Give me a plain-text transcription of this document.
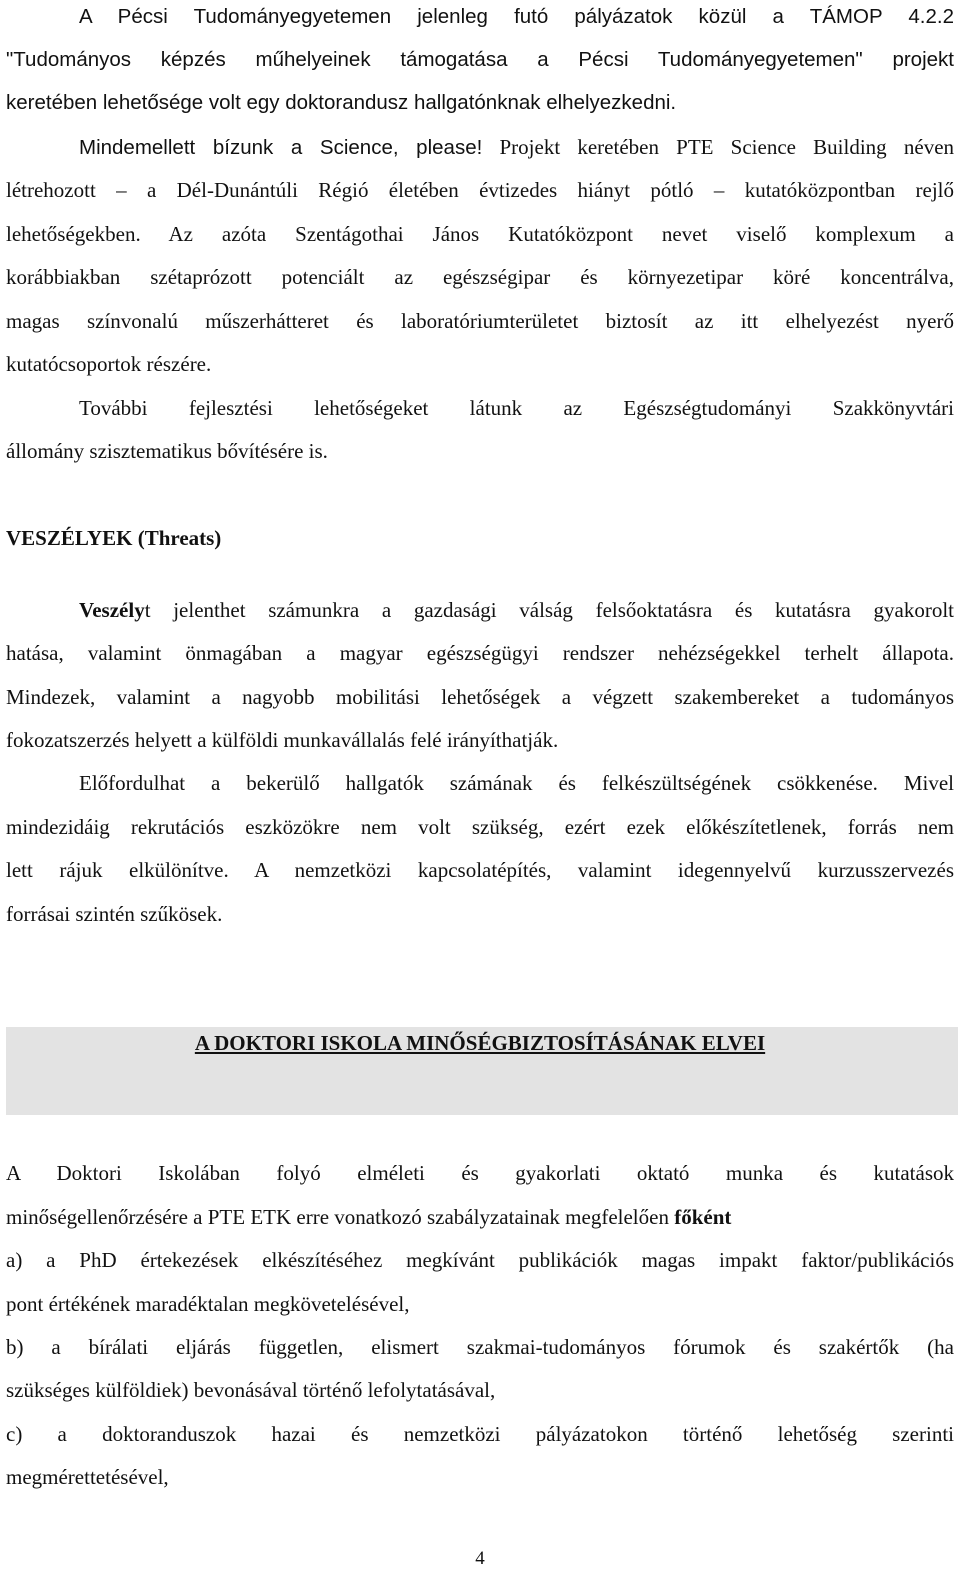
A Pécsi Tudományegyetemen jelenleg futó pályázatok közül a TÁMOP 4.2.2
"Tudományos képzés műhelyeinek támogatása a Pécsi Tudományegyetemen" projekt
keretében lehetősége volt egy doktorandusz hallgatónknak elhelyezkedni.
Mindemellett bízunk a Science, please! Projekt keretében PTE Science Building néven
létrehozott – a Dél-Dunántúli Régió életében évtizedes hiányt pótló – kutatóközpontban rejlő
lehetőségekben. Az azóta Szentágothai János Kutatóközpont nevet viselő komplexum a
korábbiakban szétaprózott potenciált az egészségipar és környezetipar köré koncentrálva,
magas színvonalú műszerhátteret és laboratóriumterületet biztosít az itt elhelyezést nyerő
kutatócsoportok részére.
További fejlesztési lehetőségeket látunk az Egészségtudományi Szakkönyvtári
állomány szisztematikus bővítésére is.
VESZÉLYEK (Threats)
Veszélyt jelenthet számunkra a gazdasági válság felsőoktatásra és kutatásra gyakorolt
hatása, valamint önmagában a magyar egészségügyi rendszer nehézségekkel terhelt állapota.
Mindezek, valamint a nagyobb mobilitási lehetőségek a végzett szakembereket a tudományos
fokozatszerzés helyett a külföldi munkavállalás felé irányíthatják.
Előfordulhat a bekerülő hallgatók számának és felkészültségének csökkenése. Mivel
mindezidáig rekrutációs eszközökre nem volt szükség, ezért ezek előkészítetlenek, forrás nem
lett rájuk elkülönítve. A nemzetközi kapcsolatépítés, valamint idegennyelvű kurzusszervezés
forrásai szintén szűkösek.
A DOKTORI ISKOLA MINŐSÉGBIZTOSÍTÁSÁNAK ELVEI
A Doktori Iskolában folyó elméleti és gyakorlati oktató munka és kutatások
minőségellenőrzésére a PTE ETK erre vonatkozó szabályzatainak megfelelően főként
a) a PhD értekezések elkészítéséhez megkívánt publikációk magas impakt faktor/publikációs
pont értékének maradéktalan megkövetelésével,
b) a bírálati eljárás független, elismert szakmai-tudományos fórumok és szakértők (ha
szükséges külföldiek) bevonásával történő lefolytatásával,
c) a doktoranduszok hazai és nemzetközi pályázatokon történő lehetőség szerinti
megmérettetésével,
4
